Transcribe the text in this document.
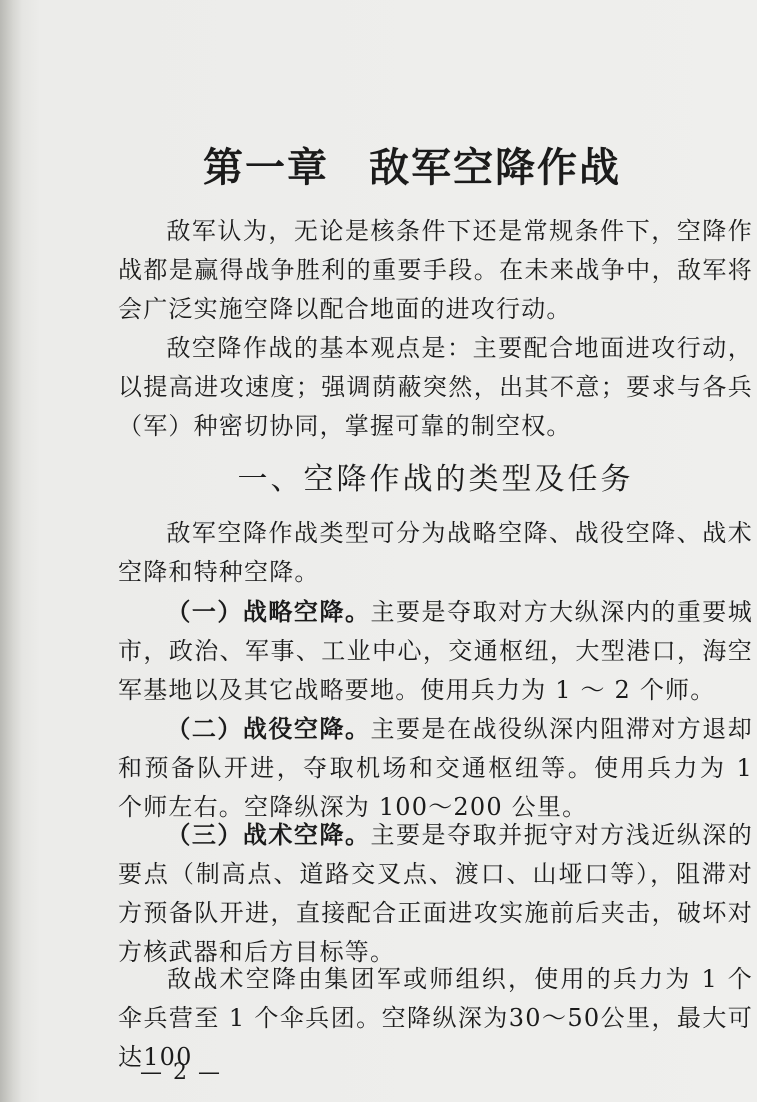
第一章 敌军空降作战
敌军认为，无论是核条件下还是常规条件下，空降作战都是赢得战争胜利的重要手段。在未来战争中，敌军将会广泛实施空降以配合地面的进攻行动。
敌空降作战的基本观点是：主要配合地面进攻行动，以提高进攻速度；强调荫蔽突然，出其不意；要求与各兵（军）种密切协同，掌握可靠的制空权。
一、空降作战的类型及任务
敌军空降作战类型可分为战略空降、战役空降、战术空降和特种空降。
（一）战略空降。主要是夺取对方大纵深内的重要城市，政治、军事、工业中心，交通枢纽，大型港口，海空军基地以及其它战略要地。使用兵力为 1 ～ 2 个师。
（二）战役空降。主要是在战役纵深内阻滞对方退却和预备队开进，夺取机场和交通枢纽等。使用兵力为 1 个师左右。空降纵深为 100～200 公里。
（三）战术空降。主要是夺取并扼守对方浅近纵深的要点（制高点、道路交叉点、渡口、山垭口等），阻滞对方预备队开进，直接配合正面进攻实施前后夹击，破坏对方核武器和后方目标等。
敌战术空降由集团军或师组织，使用的兵力为 1 个伞兵营至 1 个伞兵团。空降纵深为30～50公里，最大可达100
— 2 —
